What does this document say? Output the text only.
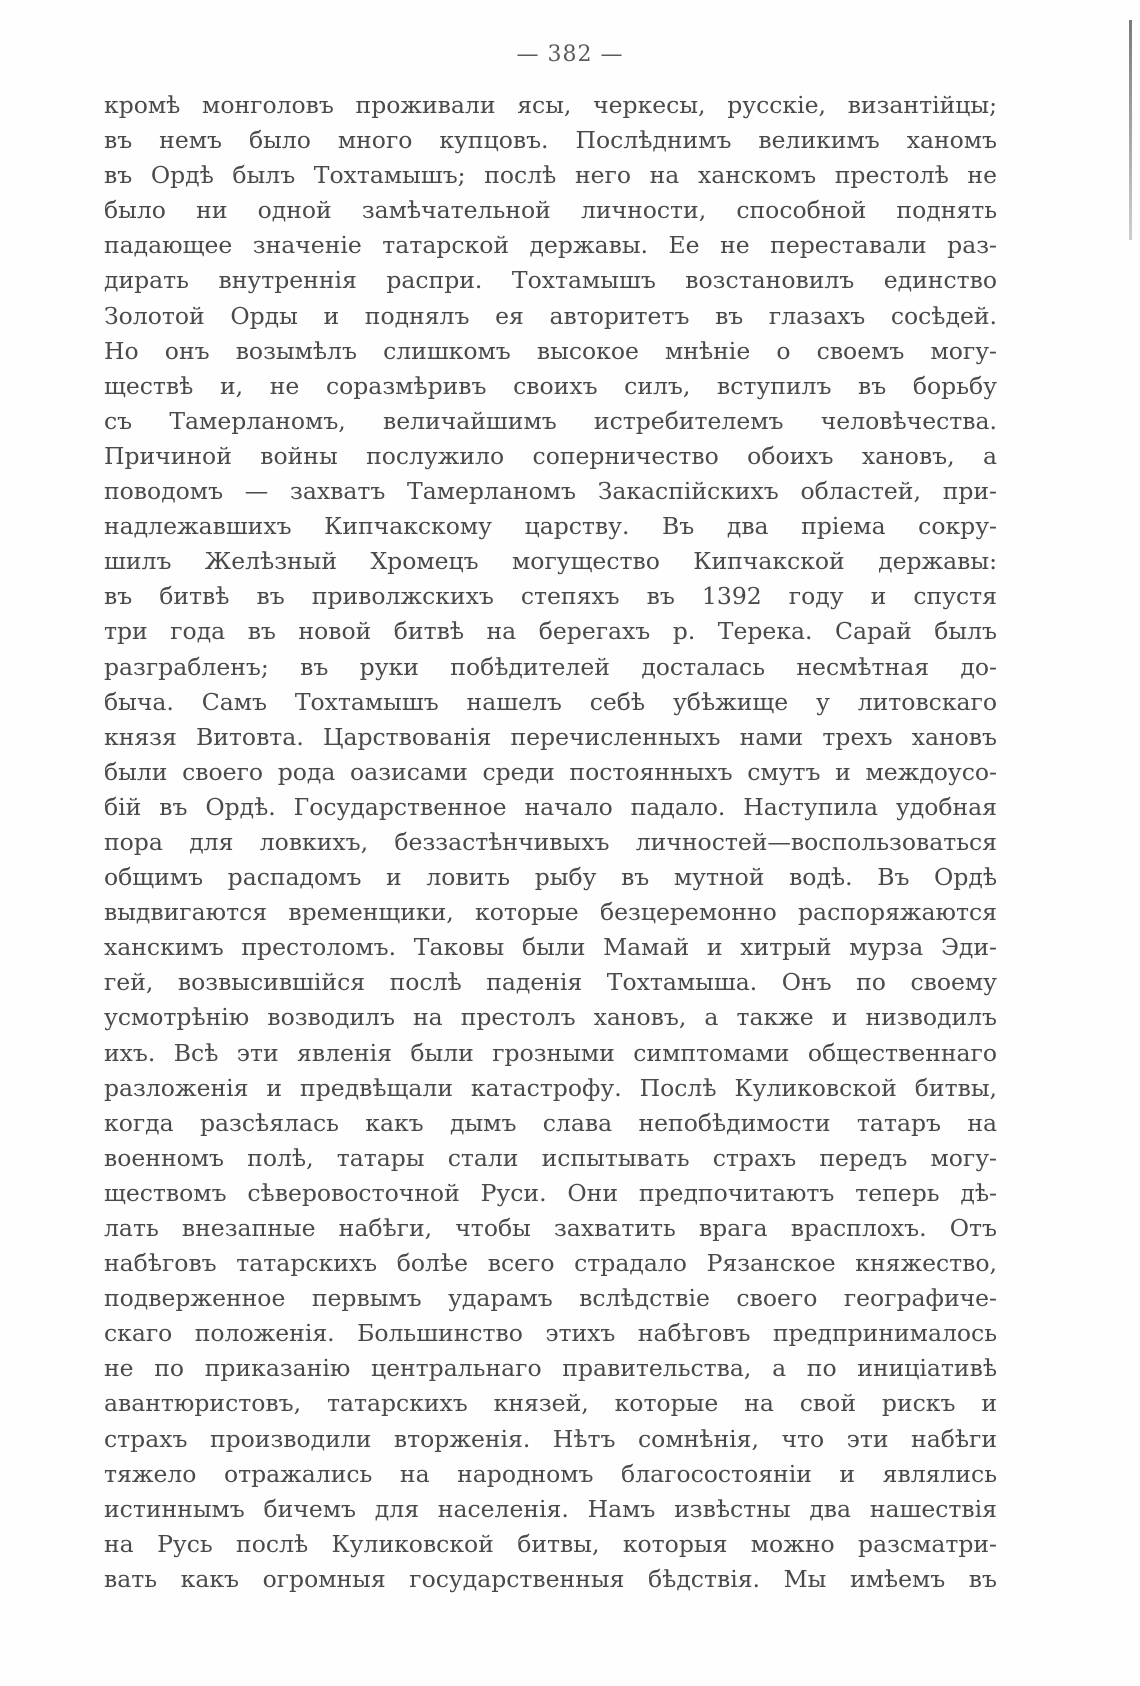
— 382 —
кромѣ монголовъ проживали ясы, черкесы, русскіе, византійцы;
въ немъ было много купцовъ. Послѣднимъ великимъ ханомъ
въ Ордѣ былъ Тохтамышъ; послѣ него на ханскомъ престолѣ не
было ни одной замѣчательной личности, способной поднять
падающее значеніе татарской державы. Ее не переставали раз-
дирать внутреннія распри. Тохтамышъ возстановилъ единство
Золотой Орды и поднялъ ея авторитетъ въ глазахъ сосѣдей.
Но онъ возымѣлъ слишкомъ высокое мнѣніе о своемъ могу-
ществѣ и, не соразмѣривъ своихъ силъ, вступилъ въ борьбу
съ Тамерланомъ, величайшимъ истребителемъ человѣчества.
Причиной войны послужило соперничество обоихъ хановъ, а
поводомъ — захватъ Тамерланомъ Закаспійскихъ областей, при-
надлежавшихъ Кипчакскому царству. Въ два пріема сокру-
шилъ Желѣзный Хромецъ могущество Кипчакской державы:
въ битвѣ въ приволжскихъ степяхъ въ 1392 году и спустя
три года въ новой битвѣ на берегахъ р. Терека. Сарай былъ
разграбленъ; въ руки побѣдителей досталась несмѣтная до-
быча. Самъ Тохтамышъ нашелъ себѣ убѣжище у литовскаго
князя Витовта. Царствованія перечисленныхъ нами трехъ хановъ
были своего рода оазисами среди постоянныхъ смутъ и междоусо-
бій въ Ордѣ. Государственное начало падало. Наступила удобная
пора для ловкихъ, беззастѣнчивыхъ личностей—воспользоваться
общимъ распадомъ и ловить рыбу въ мутной водѣ. Въ Ордѣ
выдвигаются временщики, которые безцеремонно распоряжаются
ханскимъ престоломъ. Таковы были Мамай и хитрый мурза Эди-
гей, возвысившійся послѣ паденія Тохтамыша. Онъ по своему
усмотрѣнію возводилъ на престолъ хановъ, а также и низводилъ
ихъ. Всѣ эти явленія были грозными симптомами общественнаго
разложенія и предвѣщали катастрофу. Послѣ Куликовской битвы,
когда разсѣялась какъ дымъ слава непобѣдимости татаръ на
военномъ полѣ, татары стали испытывать страхъ передъ могу-
ществомъ сѣверовосточной Руси. Они предпочитаютъ теперь дѣ-
лать внезапные набѣги, чтобы захватить врага врасплохъ. Отъ
набѣговъ татарскихъ болѣе всего страдало Рязанское княжество,
подверженное первымъ ударамъ вслѣдствіе своего географиче-
скаго положенія. Большинство этихъ набѣговъ предпринималось
не по приказанію центральнаго правительства, а по иниціативѣ
авантюристовъ, татарскихъ князей, которые на свой рискъ и
страхъ производили вторженія. Нѣтъ сомнѣнія, что эти набѣги
тяжело отражались на народномъ благосостояніи и являлись
истиннымъ бичемъ для населенія. Намъ извѣстны два нашествія
на Русь послѣ Куликовской битвы, которыя можно разсматри-
вать какъ огромныя государственныя бѣдствія. Мы имѣемъ въ
